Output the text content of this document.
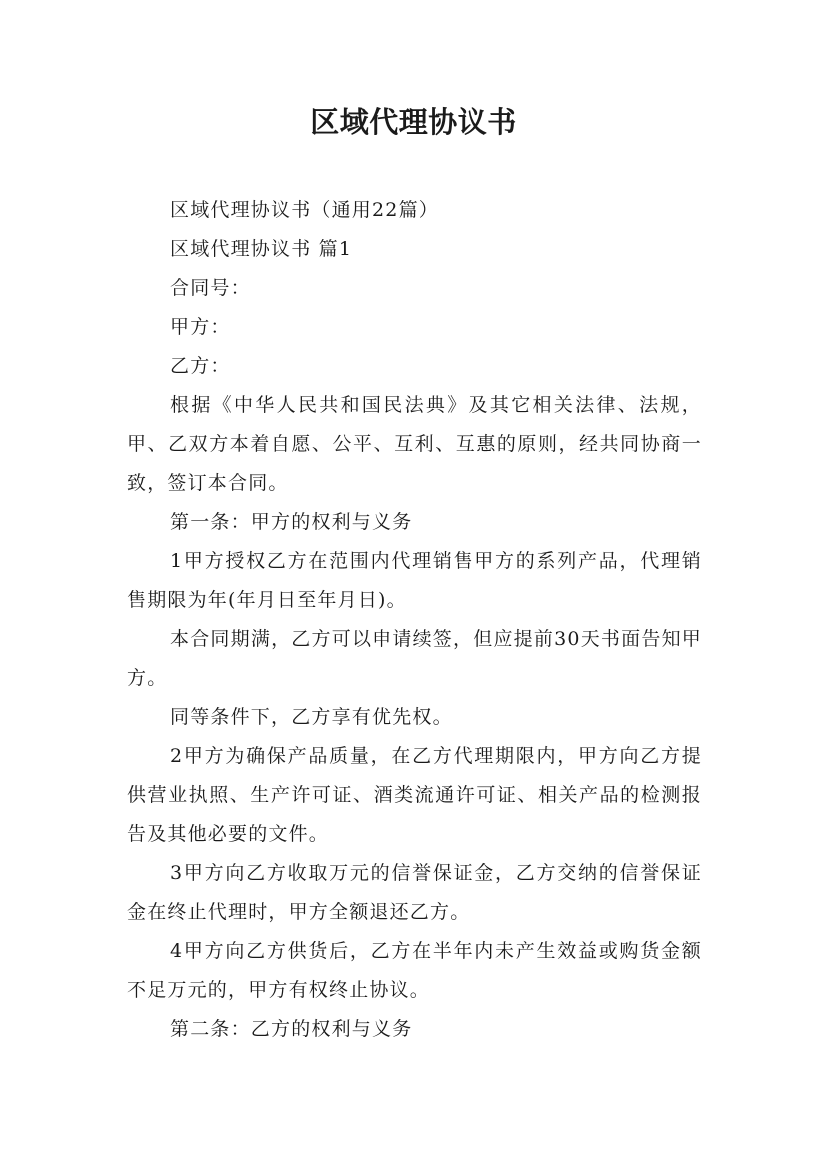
区域代理协议书

区域代理协议书（通用22篇）

区域代理协议书 篇1

合同号：

甲方：

乙方：

根据《中华人民共和国民法典》及其它相关法律、法规，甲、乙双方本着自愿、公平、互利、互惠的原则，经共同协商一致，签订本合同。

第一条：甲方的权利与义务

1甲方授权乙方在范围内代理销售甲方的系列产品，代理销售期限为年(年月日至年月日)。

本合同期满，乙方可以申请续签，但应提前30天书面告知甲方。

同等条件下，乙方享有优先权。

2甲方为确保产品质量，在乙方代理期限内，甲方向乙方提供营业执照、生产许可证、酒类流通许可证、相关产品的检测报告及其他必要的文件。

3甲方向乙方收取万元的信誉保证金，乙方交纳的信誉保证金在终止代理时，甲方全额退还乙方。

4甲方向乙方供货后，乙方在半年内未产生效益或购货金额不足万元的，甲方有权终止协议。

第二条：乙方的权利与义务
